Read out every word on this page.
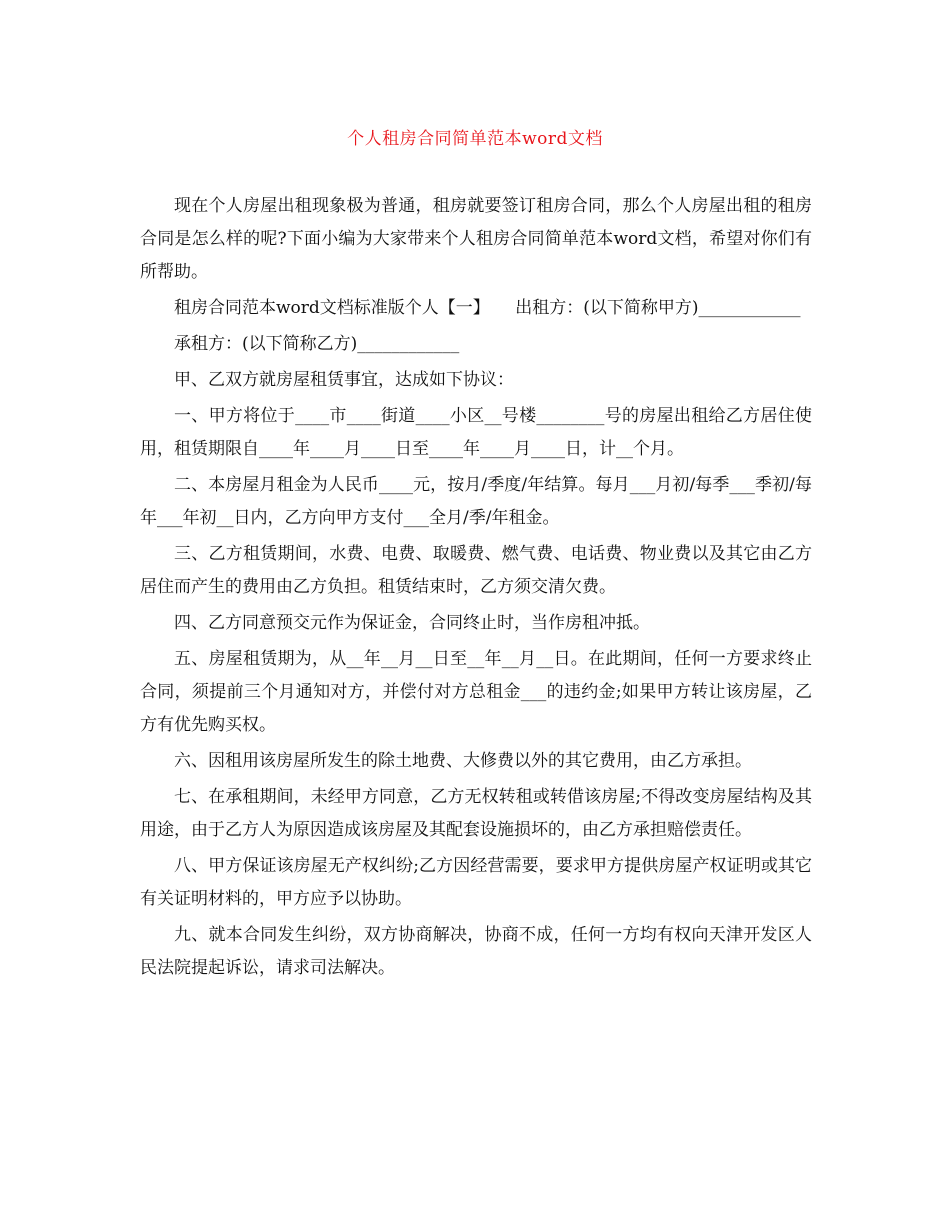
个人租房合同简单范本word文档

现在个人房屋出租现象极为普通，租房就要签订租房合同，那么个人房屋出租的租房合同是怎么样的呢?下面小编为大家带来个人租房合同简单范本word文档，希望对你们有所帮助。

租房合同范本word文档标准版个人【一】　　出租方：(以下简称甲方)____________

承租方：(以下简称乙方)____________

甲、乙双方就房屋租赁事宜，达成如下协议：

一、甲方将位于____市____街道____小区__号楼________号的房屋出租给乙方居住使用，租赁期限自____年____月____日至____年____月____日，计__个月。

二、本房屋月租金为人民币____元，按月/季度/年结算。每月___月初/每季___季初/每年___年初__日内，乙方向甲方支付___全月/季/年租金。

三、乙方租赁期间，水费、电费、取暖费、燃气费、电话费、物业费以及其它由乙方居住而产生的费用由乙方负担。租赁结束时，乙方须交清欠费。

四、乙方同意预交元作为保证金，合同终止时，当作房租冲抵。

五、房屋租赁期为，从__年__月__日至__年__月__日。在此期间，任何一方要求终止合同，须提前三个月通知对方，并偿付对方总租金___的违约金;如果甲方转让该房屋，乙方有优先购买权。

六、因租用该房屋所发生的除土地费、大修费以外的其它费用，由乙方承担。

七、在承租期间，未经甲方同意，乙方无权转租或转借该房屋;不得改变房屋结构及其用途，由于乙方人为原因造成该房屋及其配套设施损坏的，由乙方承担赔偿责任。

八、甲方保证该房屋无产权纠纷;乙方因经营需要，要求甲方提供房屋产权证明或其它有关证明材料的，甲方应予以协助。

九、就本合同发生纠纷，双方协商解决，协商不成，任何一方均有权向天津开发区人民法院提起诉讼，请求司法解决。
